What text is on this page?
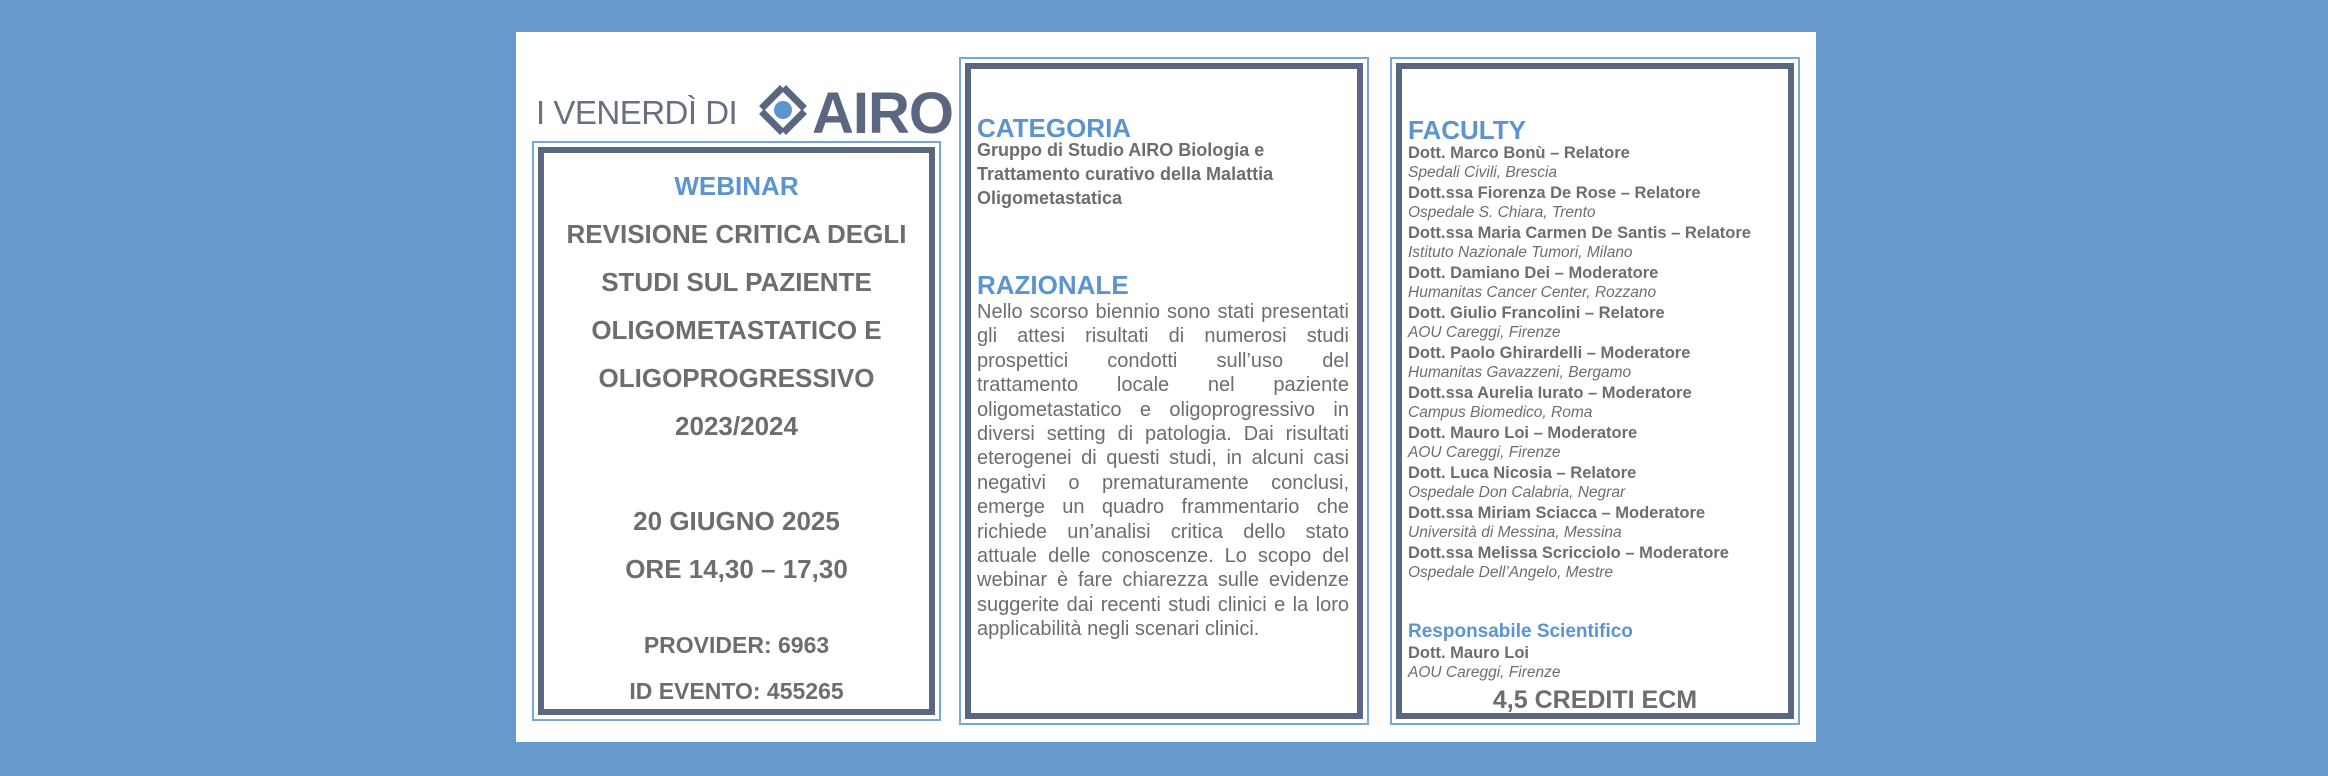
I VENERDÌ DI AIRO
WEBINAR
REVISIONE CRITICA DEGLI
STUDI SUL PAZIENTE
OLIGOMETASTATICO E
OLIGOPROGRESSIVO
2023/2024
20 GIUGNO 2025
ORE 14,30 – 17,30
PROVIDER: 6963
ID EVENTO: 455265
CATEGORIA
Gruppo di Studio AIRO Biologia e Trattamento curativo della Malattia Oligometastatica
RAZIONALE
Nello scorso biennio sono stati presentati gli attesi risultati di numerosi studi prospettici condotti sull’uso del trattamento locale nel paziente oligometastatico e oligoprogressivo in diversi setting di patologia. Dai risultati eterogenei di questi studi, in alcuni casi negativi o prematuramente conclusi, emerge un quadro frammentario che richiede un’analisi critica dello stato attuale delle conoscenze. Lo scopo del webinar è fare chiarezza sulle evidenze suggerite dai recenti studi clinici e la loro applicabilità negli scenari clinici.
FACULTY
Dott. Marco Bonù – Relatore
Spedali Civili, Brescia
Dott.ssa Fiorenza De Rose – Relatore
Ospedale S. Chiara, Trento
Dott.ssa Maria Carmen De Santis – Relatore
Istituto Nazionale Tumori, Milano
Dott. Damiano Dei – Moderatore
Humanitas Cancer Center, Rozzano
Dott. Giulio Francolini – Relatore
AOU Careggi, Firenze
Dott. Paolo Ghirardelli – Moderatore
Humanitas Gavazzeni, Bergamo
Dott.ssa Aurelia Iurato – Moderatore
Campus Biomedico, Roma
Dott. Mauro Loi – Moderatore
AOU Careggi, Firenze
Dott. Luca Nicosia – Relatore
Ospedale Don Calabria, Negrar
Dott.ssa Miriam Sciacca – Moderatore
Università di Messina, Messina
Dott.ssa Melissa Scricciolo – Moderatore
Ospedale Dell’Angelo, Mestre
Responsabile Scientifico
Dott. Mauro Loi
AOU Careggi, Firenze
4,5 CREDITI ECM
